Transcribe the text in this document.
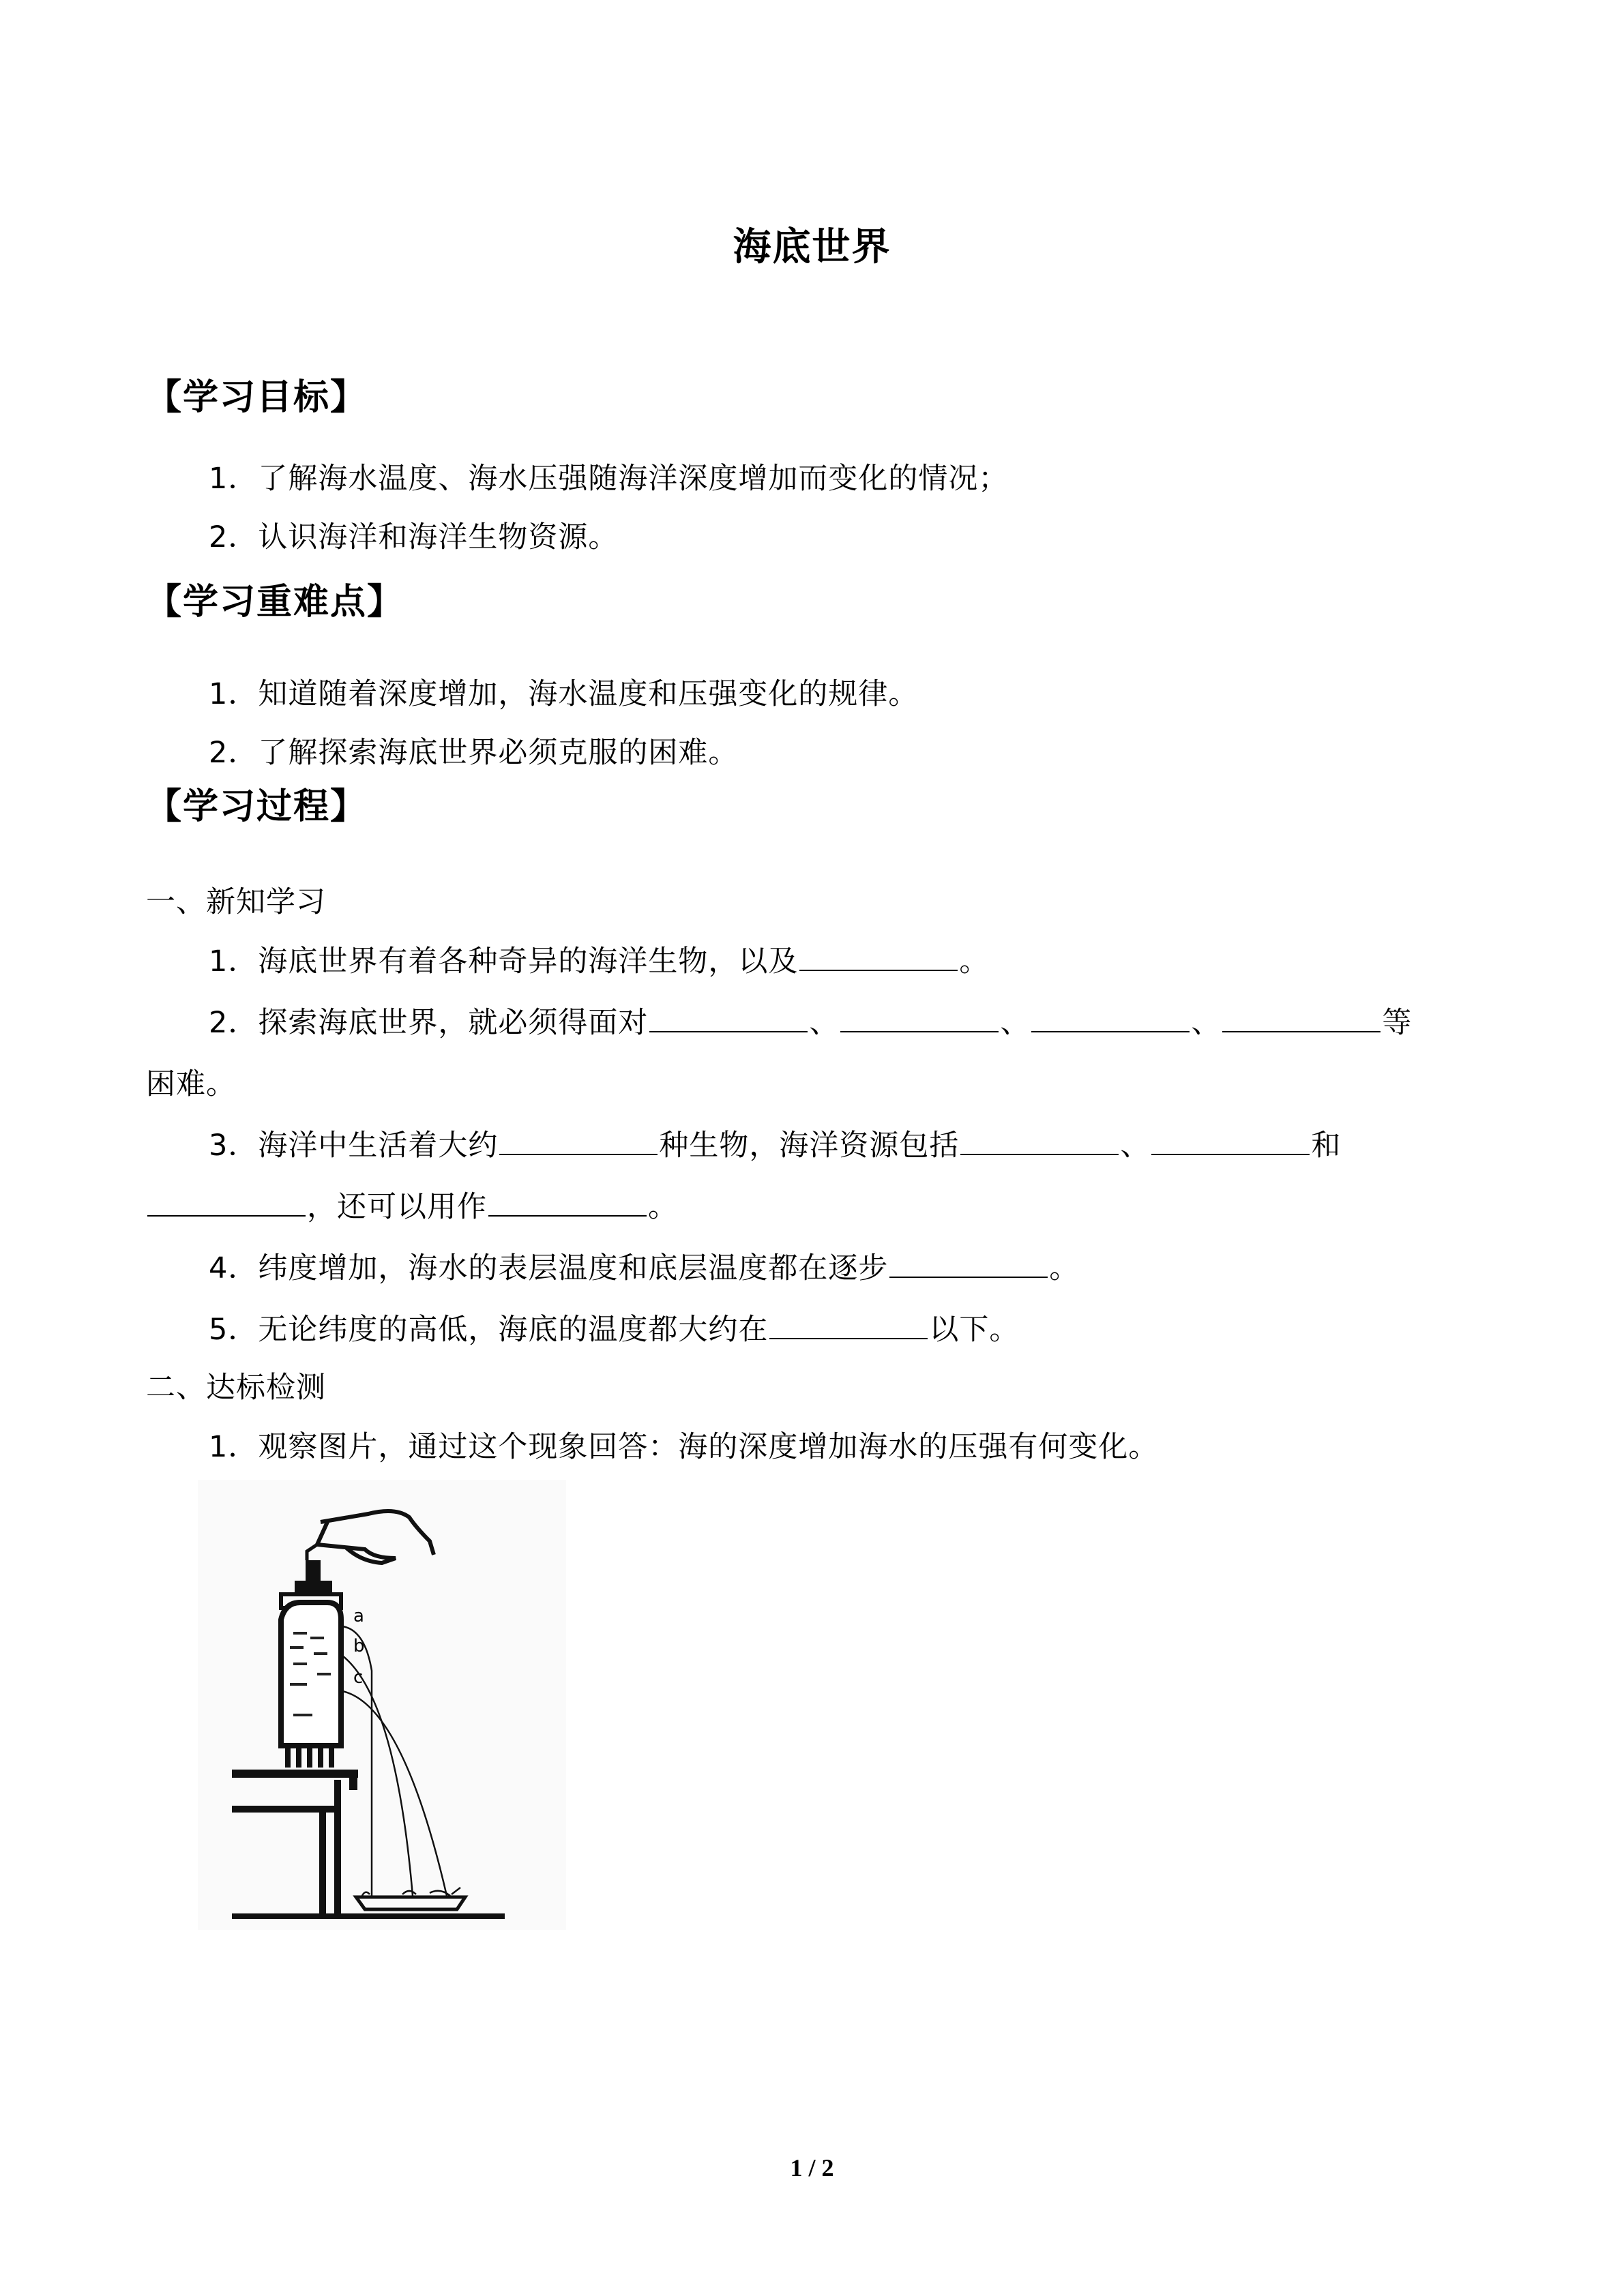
海底世界
【学习目标】
1．了解海水温度、海水压强随海洋深度增加而变化的情况；
2．认识海洋和海洋生物资源。
【学习重难点】
1．知道随着深度增加，海水温度和压强变化的规律。
2．了解探索海底世界必须克服的困难。
【学习过程】
一、新知学习
1．海底世界有着各种奇异的海洋生物，以及	。
2．探索海底世界，就必须得面对	、	、	、	等
困难。
3．海洋中生活着大约	种生物，海洋资源包括	、	和
，还可以用作	。
4．纬度增加，海水的表层温度和底层温度都在逐步	。
5．无论纬度的高低，海底的温度都大约在	以下。
二、达标检测
1．观察图片，通过这个现象回答：海的深度增加海水的压强有何变化。
a
b
c
1 / 2
